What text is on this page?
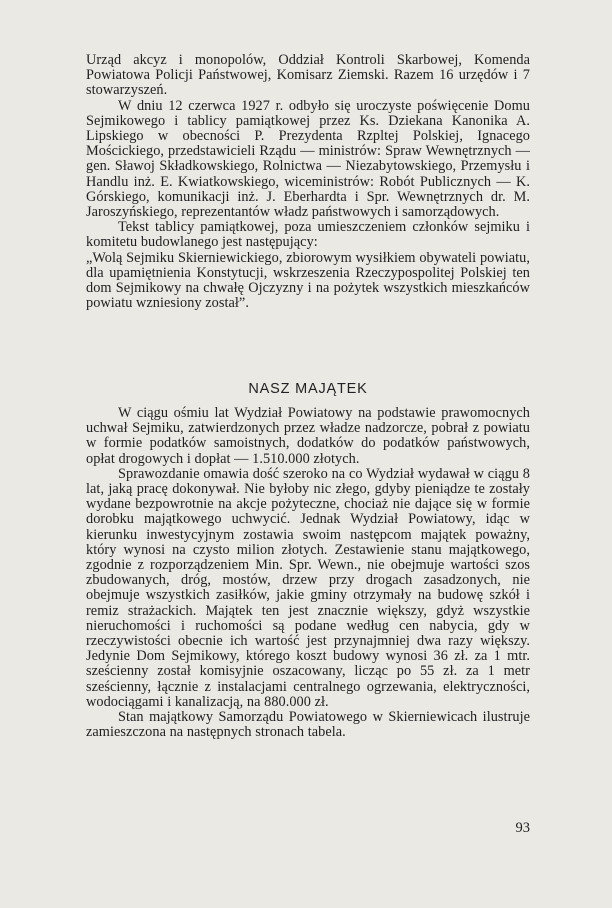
Urząd akcyz i monopolów, Oddział Kontroli Skarbowej, Komenda Powiatowa Policji Państwowej, Komisarz Ziemski. Razem 16 urzędów i 7 stowarzyszeń.

W dniu 12 czerwca 1927 r. odbyło się uroczyste poświęcenie Domu Sejmikowego i tablicy pamiątkowej przez Ks. Dziekana Kanonika A. Lipskiego w obecności P. Prezydenta Rzpltej Polskiej, Ignacego Mościckiego, przedstawicieli Rządu — ministrów: Spraw Wewnętrznych — gen. Sławoj Składkowskiego, Rolnictwa — Niezabytowskiego, Przemysłu i Handlu inż. E. Kwiatkowskiego, wiceministrów: Robót Publicznych — K. Górskiego, komunikacji inż. J. Eberhardta i Spr. Wewnętrznych dr. M. Jaroszyńskiego, reprezentantów władz państwowych i samorządowych.

Tekst tablicy pamiątkowej, poza umieszczeniem członków sejmiku i komitetu budowlanego jest następujący:

„Wolą Sejmiku Skierniewickiego, zbiorowym wysiłkiem obywateli powiatu, dla upamiętnienia Konstytucji, wskrzeszenia Rzeczypospolitej Polskiej ten dom Sejmikowy na chwałę Ojczyzny i na pożytek wszystkich mieszkańców powiatu wzniesiony został”.

NASZ MAJĄTEK

W ciągu ośmiu lat Wydział Powiatowy na podstawie prawomocnych uchwał Sejmiku, zatwierdzonych przez władze nadzorcze, pobrał z powiatu w formie podatków samoistnych, dodatków do podatków państwowych, opłat drogowych i dopłat — 1.510.000 złotych.

Sprawozdanie omawia dość szeroko na co Wydział wydawał w ciągu 8 lat, jaką pracę dokonywał. Nie byłoby nic złego, gdyby pieniądze te zostały wydane bezpowrotnie na akcje pożyteczne, chociaż nie dające się w formie dorobku majątkowego uchwycić. Jednak Wydział Powiatowy, idąc w kierunku inwestycyjnym zostawia swoim następcom majątek poważny, który wynosi na czysto milion złotych. Zestawienie stanu majątkowego, zgodnie z rozporządzeniem Min. Spr. Wewn., nie obejmuje wartości szos zbudowanych, dróg, mostów, drzew przy drogach zasadzonych, nie obejmuje wszystkich zasiłków, jakie gminy otrzymały na budowę szkół i remiz strażackich. Majątek ten jest znacznie większy, gdyż wszystkie nieruchomości i ruchomości są podane według cen nabycia, gdy w rzeczywistości obecnie ich wartość jest przynajmniej dwa razy większy. Jedynie Dom Sejmikowy, którego koszt budowy wynosi 36 zł. za 1 mtr. sześcienny został komisyjnie oszacowany, licząc po 55 zł. za 1 metr sześcienny, łącznie z instalacjami centralnego ogrzewania, elektryczności, wodociągami i kanalizacją, na 880.000 zł.

Stan majątkowy Samorządu Powiatowego w Skierniewicach ilustruje zamieszczona na następnych stronach tabela.

93
